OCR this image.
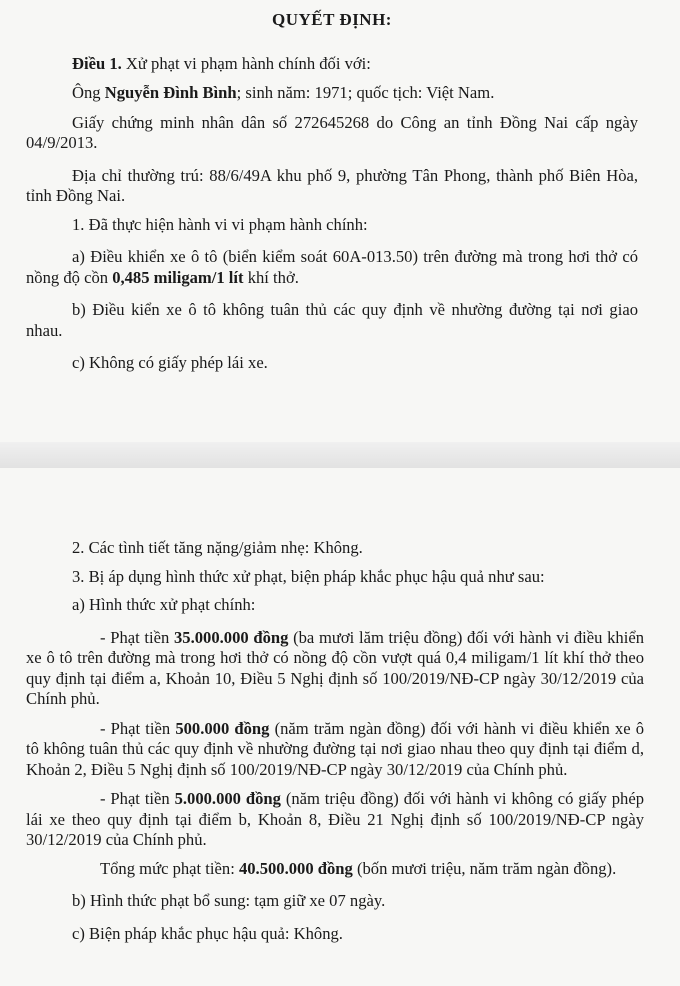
QUYẾT ĐỊNH:

Điều 1. Xử phạt vi phạm hành chính đối với:

Ông Nguyễn Đình Bình; sinh năm: 1971; quốc tịch: Việt Nam.

Giấy chứng minh nhân dân số 272645268 do Công an tỉnh Đồng Nai cấp ngày 04/9/2013.

Địa chỉ thường trú: 88/6/49A khu phố 9, phường Tân Phong, thành phố Biên Hòa, tỉnh Đồng Nai.

1. Đã thực hiện hành vi vi phạm hành chính:

a) Điều khiển xe ô tô (biển kiểm soát 60A-013.50) trên đường mà trong hơi thở có nồng độ cồn 0,485 miligam/1 lít khí thở.

b) Điều kiển xe ô tô không tuân thủ các quy định về nhường đường tại nơi giao nhau.

c) Không có giấy phép lái xe.

2. Các tình tiết tăng nặng/giảm nhẹ: Không.

3. Bị áp dụng hình thức xử phạt, biện pháp khắc phục hậu quả như sau:

a) Hình thức xử phạt chính:

- Phạt tiền 35.000.000 đồng (ba mươi lăm triệu đồng) đối với hành vi điều khiển xe ô tô trên đường mà trong hơi thở có nồng độ cồn vượt quá 0,4 miligam/1 lít khí thở theo quy định tại điểm a, Khoản 10, Điều 5 Nghị định số 100/2019/NĐ-CP ngày 30/12/2019 của Chính phủ.

- Phạt tiền 500.000 đồng (năm trăm ngàn đồng) đối với hành vi điều khiển xe ô tô không tuân thủ các quy định về nhường đường tại nơi giao nhau theo quy định tại điểm d, Khoản 2, Điều 5 Nghị định số 100/2019/NĐ-CP ngày 30/12/2019 của Chính phủ.

- Phạt tiền 5.000.000 đồng (năm triệu đồng) đối với hành vi không có giấy phép lái xe theo quy định tại điểm b, Khoản 8, Điều 21 Nghị định số 100/2019/NĐ-CP ngày 30/12/2019 của Chính phủ.

Tổng mức phạt tiền: 40.500.000 đồng (bốn mươi triệu, năm trăm ngàn đồng).

b) Hình thức phạt bổ sung: tạm giữ xe 07 ngày.

c) Biện pháp khắc phục hậu quả: Không.
